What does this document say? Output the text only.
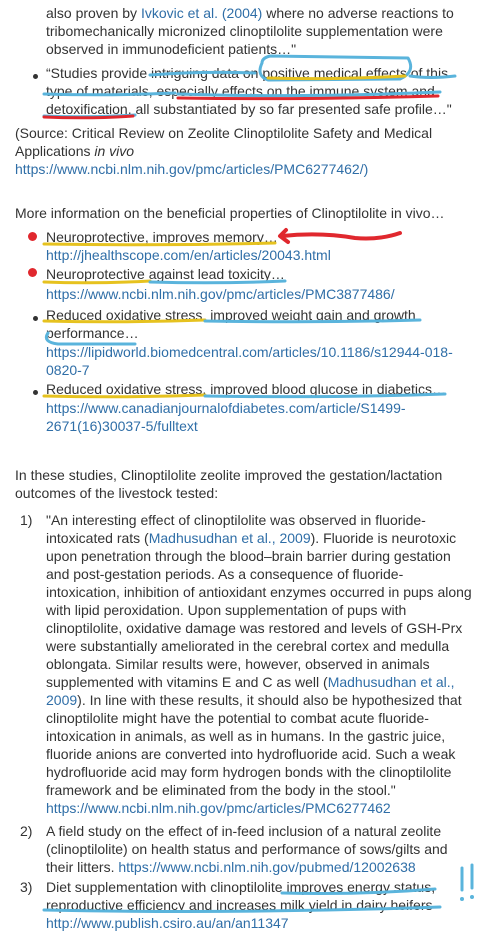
also proven by Ivkovic et al. (2004) where no adverse reactions to
tribomechanically micronized clinoptilolite supplementation were
observed in immunodeficient patients…"
“Studies provide intriguing data on positive medical effects of this
type of materials, especially effects on the immune system and
detoxification, all substantiated by so far presented safe profile…"
(Source: Critical Review on Zeolite Clinoptilolite Safety and Medical
Applications in vivo
https://www.ncbi.nlm.nih.gov/pmc/articles/PMC6277462/)
More information on the beneficial properties of Clinoptilolite in vivo…
Neuroprotective, improves memory…
http://jhealthscope.com/en/articles/20043.html
Neuroprotective against lead toxicity…
https://www.ncbi.nlm.nih.gov/pmc/articles/PMC3877486/
Reduced oxidative stress, improved weight gain and growth
performance…
https://lipidworld.biomedcentral.com/articles/10.1186/s12944-018-
0820-7
Reduced oxidative stress, improved blood glucose in diabetics…
https://www.canadianjournalofdiabetes.com/article/S1499-
2671(16)30037-5/fulltext
In these studies, Clinoptilolite zeolite improved the gestation/lactation
outcomes of the livestock tested:
1) "An interesting effect of clinoptilolite was observed in fluoride-
intoxicated rats (Madhusudhan et al., 2009). Fluoride is neurotoxic
upon penetration through the blood–brain barrier during gestation
and post-gestation periods. As a consequence of fluoride-
intoxication, inhibition of antioxidant enzymes occurred in pups along
with lipid peroxidation. Upon supplementation of pups with
clinoptilolite, oxidative damage was restored and levels of GSH-Prx
were substantially ameliorated in the cerebral cortex and medulla
oblongata. Similar results were, however, observed in animals
supplemented with vitamins E and C as well (Madhusudhan et al.,
2009). In line with these results, it should also be hypothesized that
clinoptilolite might have the potential to combat acute fluoride-
intoxication in animals, as well as in humans. In the gastric juice,
fluoride anions are converted into hydrofluoride acid. Such a weak
hydrofluoride acid may form hydrogen bonds with the clinoptilolite
framework and be eliminated from the body in the stool."
https://www.ncbi.nlm.nih.gov/pmc/articles/PMC6277462
2) A field study on the effect of in-feed inclusion of a natural zeolite
(clinoptilolite) on health status and performance of sows/gilts and
their litters. https://www.ncbi.nlm.nih.gov/pubmed/12002638
3) Diet supplementation with clinoptilolite improves energy status,
reproductive efficiency and increases milk yield in dairy heifers
http://www.publish.csiro.au/an/an11347
